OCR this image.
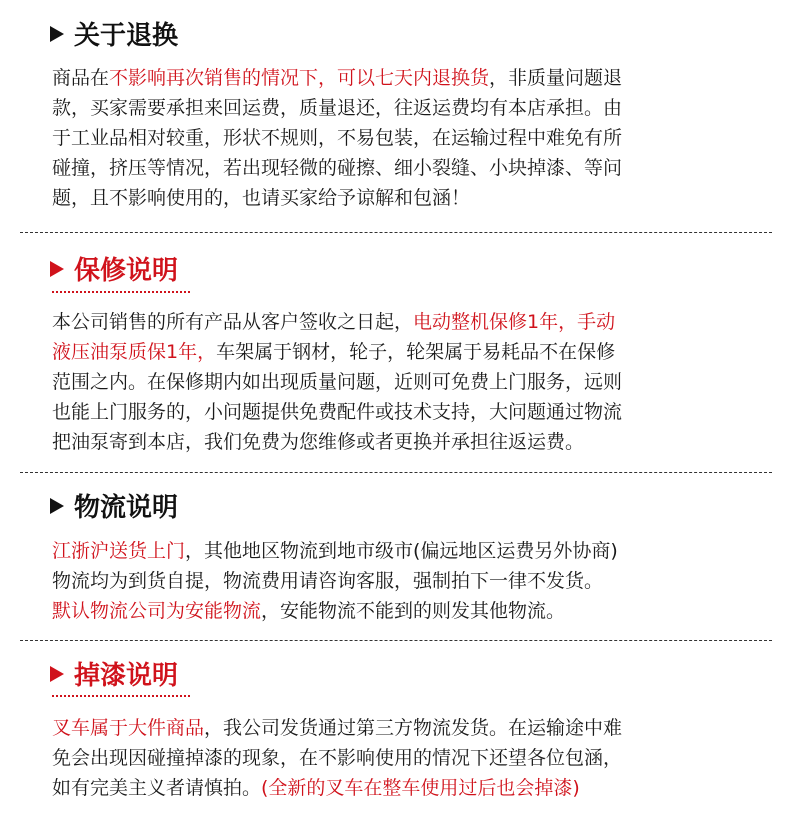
关于退换
商品在不影响再次销售的情况下，可以七天内退换货，非质量问题退
款，买家需要承担来回运费，质量退还，往返运费均有本店承担。由
于工业品相对较重，形状不规则，不易包装，在运输过程中难免有所
碰撞，挤压等情况，若出现轻微的碰擦、细小裂缝、小块掉漆、等问
题，且不影响使用的，也请买家给予谅解和包涵！
保修说明
本公司销售的所有产品从客户签收之日起，电动整机保修1年，手动
液压油泵质保1年，车架属于钢材，轮子，轮架属于易耗品不在保修
范围之内。在保修期内如出现质量问题，近则可免费上门服务，远则
也能上门服务的，小问题提供免费配件或技术支持，大问题通过物流
把油泵寄到本店，我们免费为您维修或者更换并承担往返运费。
物流说明
江浙沪送货上门，其他地区物流到地市级市(偏远地区运费另外协商)
物流均为到货自提，物流费用请咨询客服，强制拍下一律不发货。
默认物流公司为安能物流，安能物流不能到的则发其他物流。
掉漆说明
叉车属于大件商品，我公司发货通过第三方物流发货。在运输途中难
免会出现因碰撞掉漆的现象，在不影响使用的情况下还望各位包涵，
如有完美主义者请慎拍。(全新的叉车在整车使用过后也会掉漆)
